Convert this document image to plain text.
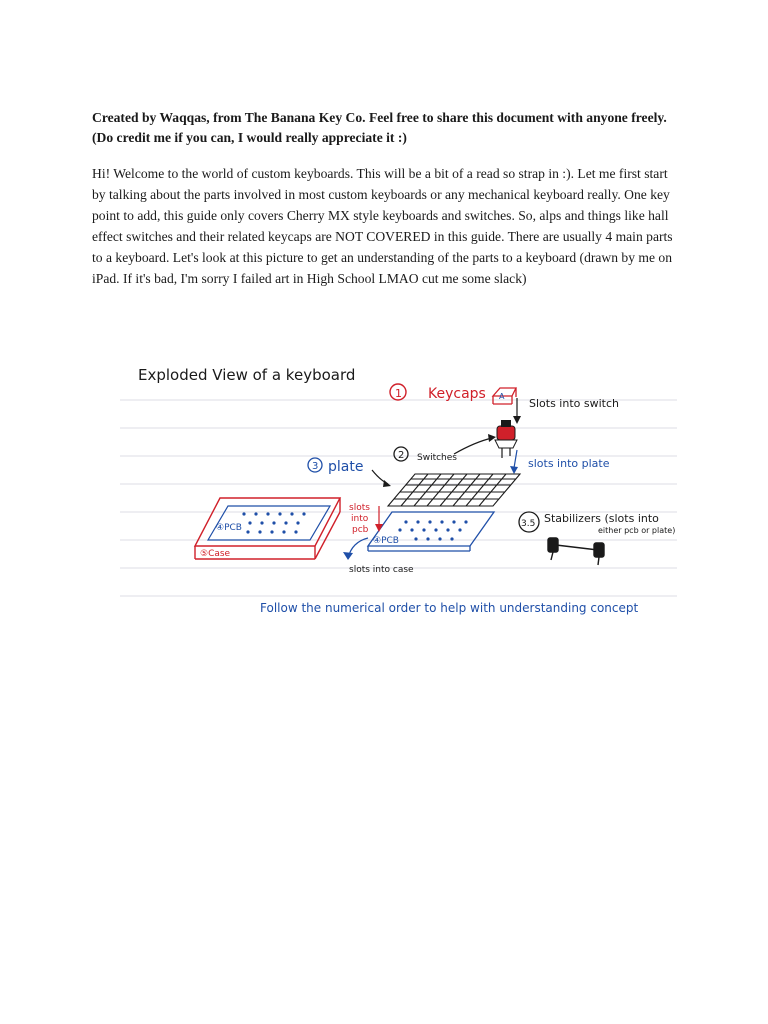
Created by Waqqas, from The Banana Key Co. Feel free to share this document with anyone freely. (Do credit me if you can, I would really appreciate it :)

Hi! Welcome to the world of custom keyboards. This will be a bit of a read so strap in :). Let me first start by talking about the parts involved in most custom keyboards or any mechanical keyboard really. One key point to add, this guide only covers Cherry MX style keyboards and switches. So, alps and things like hall effect switches and their related keycaps are NOT COVERED in this guide. There are usually 4 main parts to a keyboard. Let's look at this picture to get an understanding of the parts to a keyboard (drawn by me on iPad. If it's bad, I'm sorry I failed art in High School LMAO cut me some slack)

Exploded View of a keyboard
1 Keycaps A
Slots into switch
2 Switches	slots into plate
3 plate
④PCB
slots
into
pcb
④PCB
⑤Case
slots into case
3.5 Stabilizers (slots into
either pcb or plate)
Follow the numerical order to help with understanding concept
